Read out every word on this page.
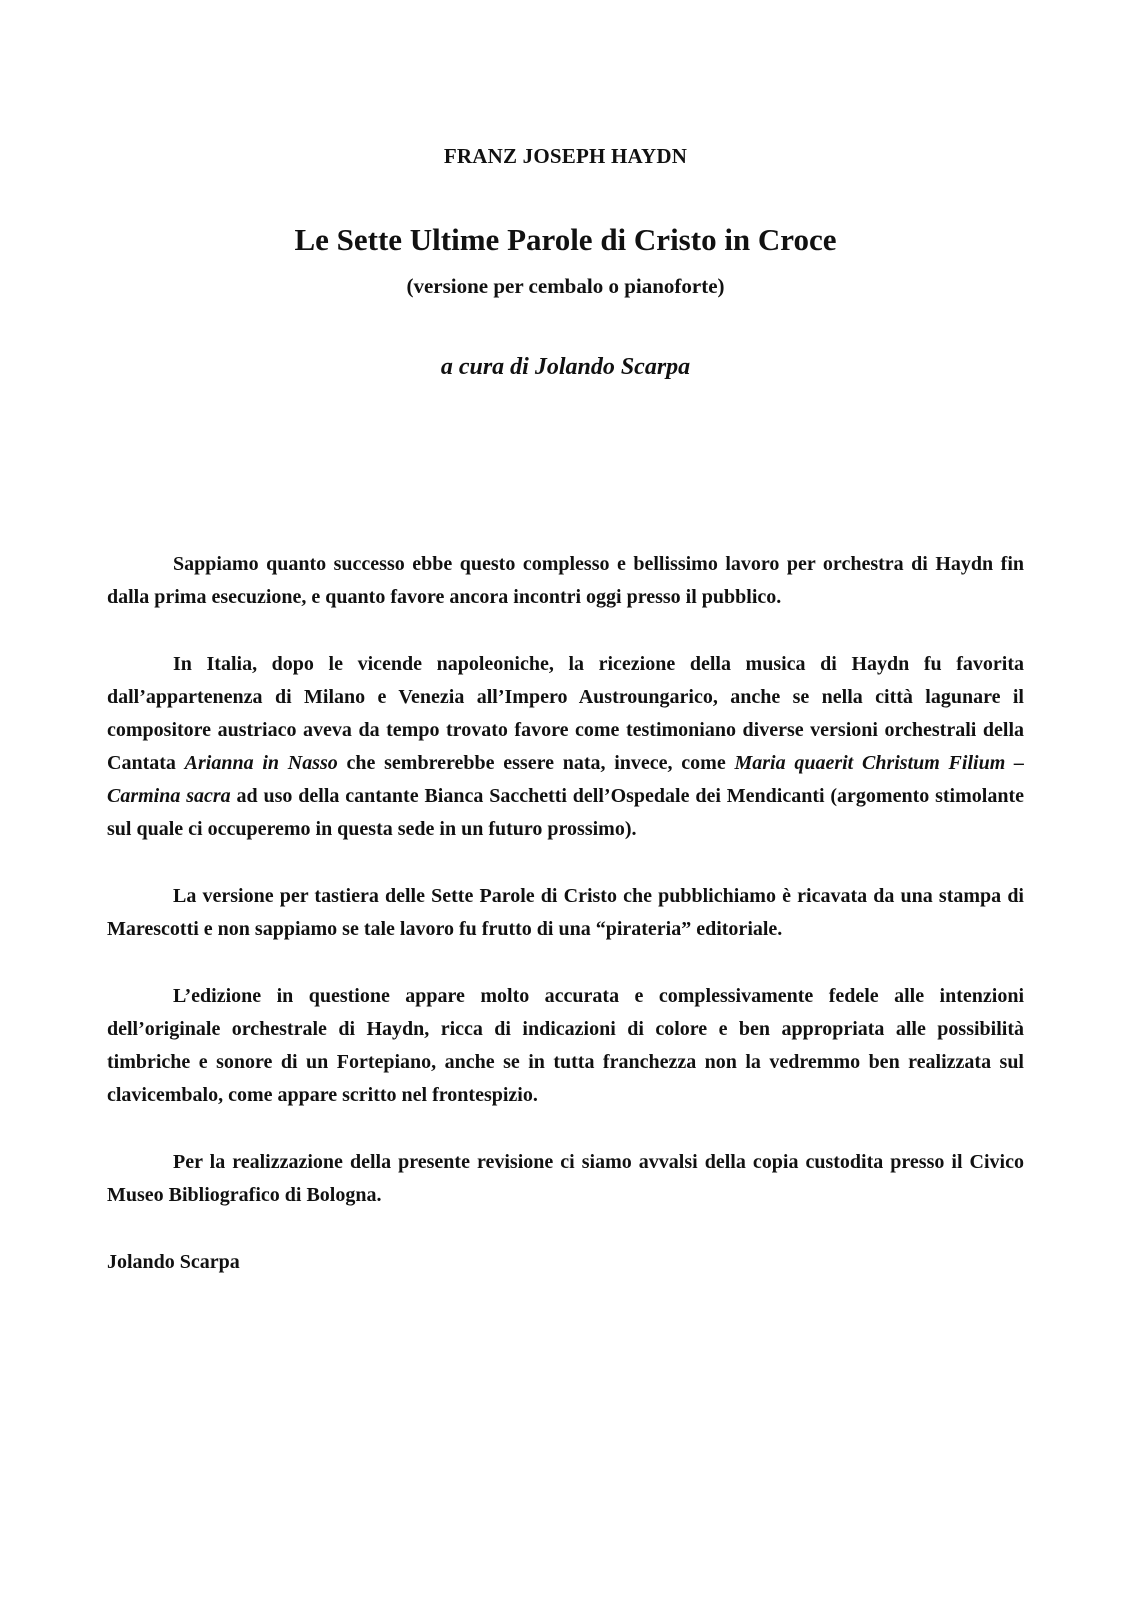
FRANZ JOSEPH HAYDN
Le Sette Ultime Parole di Cristo in Croce
(versione per cembalo o pianoforte)
a cura di Jolando Scarpa

Sappiamo quanto successo ebbe questo complesso e bellissimo lavoro per orchestra di Haydn fin dalla prima esecuzione, e quanto favore ancora incontri oggi presso il pubblico.

In Italia, dopo le vicende napoleoniche, la ricezione della musica di Haydn fu favorita dall’appartenenza di Milano e Venezia all’Impero Austroungarico, anche se nella città lagunare il compositore austriaco aveva da tempo trovato favore come testimoniano diverse versioni orchestrali della Cantata Arianna in Nasso che sembrerebbe essere nata, invece, come Maria quaerit Christum Filium – Carmina sacra ad uso della cantante Bianca Sacchetti dell’Ospedale dei Mendicanti (argomento stimolante sul quale ci occuperemo in questa sede in un futuro prossimo).

La versione per tastiera delle Sette Parole di Cristo che pubblichiamo è ricavata da una stampa di Marescotti e non sappiamo se tale lavoro fu frutto di una “pirateria” editoriale.

L’edizione in questione appare molto accurata e complessivamente fedele alle intenzioni dell’originale orchestrale di Haydn, ricca di indicazioni di colore e ben appropriata alle possibilità timbriche e sonore di un Fortepiano, anche se in tutta franchezza non la vedremmo ben realizzata sul clavicembalo, come appare scritto nel frontespizio.

Per la realizzazione della presente revisione ci siamo avvalsi della copia custodita presso il Civico Museo Bibliografico di Bologna.

Jolando Scarpa
